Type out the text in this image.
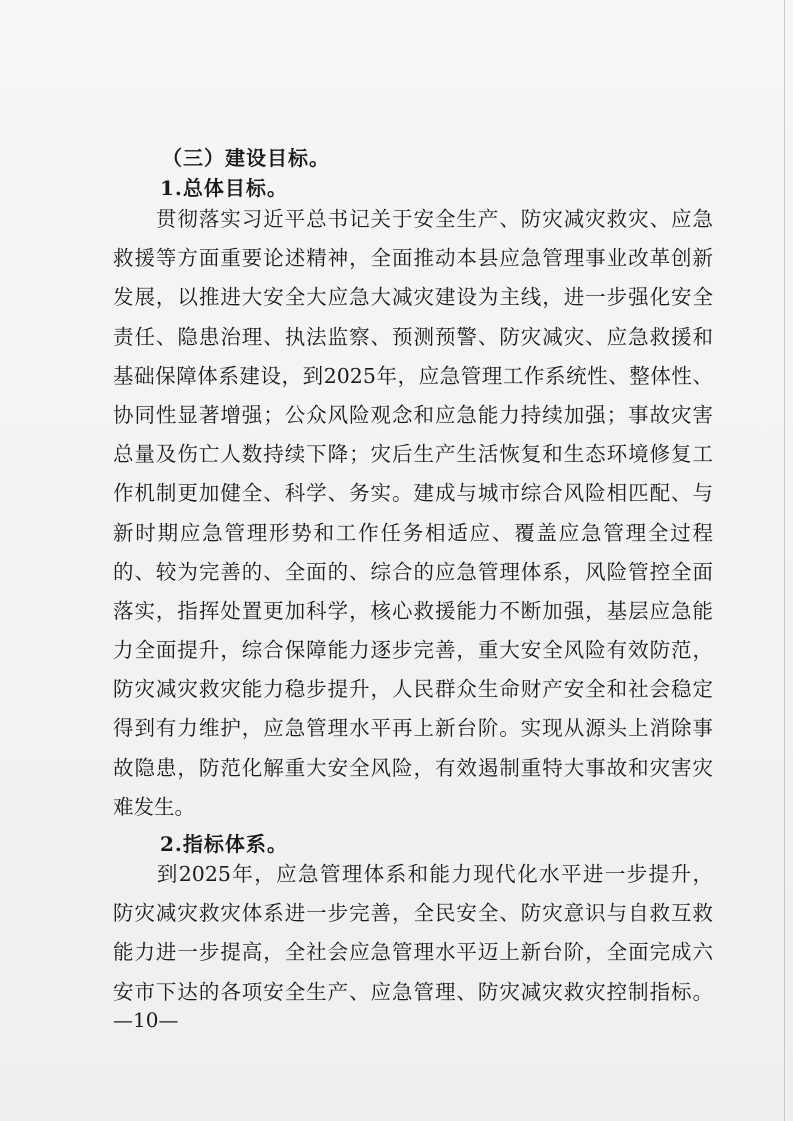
（三）建设目标。
1.总体目标。
　　贯彻落实习近平总书记关于安全生产、防灾减灾救灾、应急
救援等方面重要论述精神，全面推动本县应急管理事业改革创新
发展，以推进大安全大应急大减灾建设为主线，进一步强化安全
责任、隐患治理、执法监察、预测预警、防灾减灾、应急救援和
基础保障体系建设，到2025年，应急管理工作系统性、整体性、
协同性显著增强；公众风险观念和应急能力持续加强；事故灾害
总量及伤亡人数持续下降；灾后生产生活恢复和生态环境修复工
作机制更加健全、科学、务实。建成与城市综合风险相匹配、与
新时期应急管理形势和工作任务相适应、覆盖应急管理全过程
的、较为完善的、全面的、综合的应急管理体系，风险管控全面
落实，指挥处置更加科学，核心救援能力不断加强，基层应急能
力全面提升，综合保障能力逐步完善，重大安全风险有效防范，
防灾减灾救灾能力稳步提升，人民群众生命财产安全和社会稳定
得到有力维护，应急管理水平再上新台阶。实现从源头上消除事
故隐患，防范化解重大安全风险，有效遏制重特大事故和灾害灾
难发生。
2.指标体系。
　　到2025年，应急管理体系和能力现代化水平进一步提升，
防灾减灾救灾体系进一步完善，全民安全、防灾意识与自救互救
能力进一步提高，全社会应急管理水平迈上新台阶，全面完成六
安市下达的各项安全生产、应急管理、防灾减灾救灾控制指标。
—10—
